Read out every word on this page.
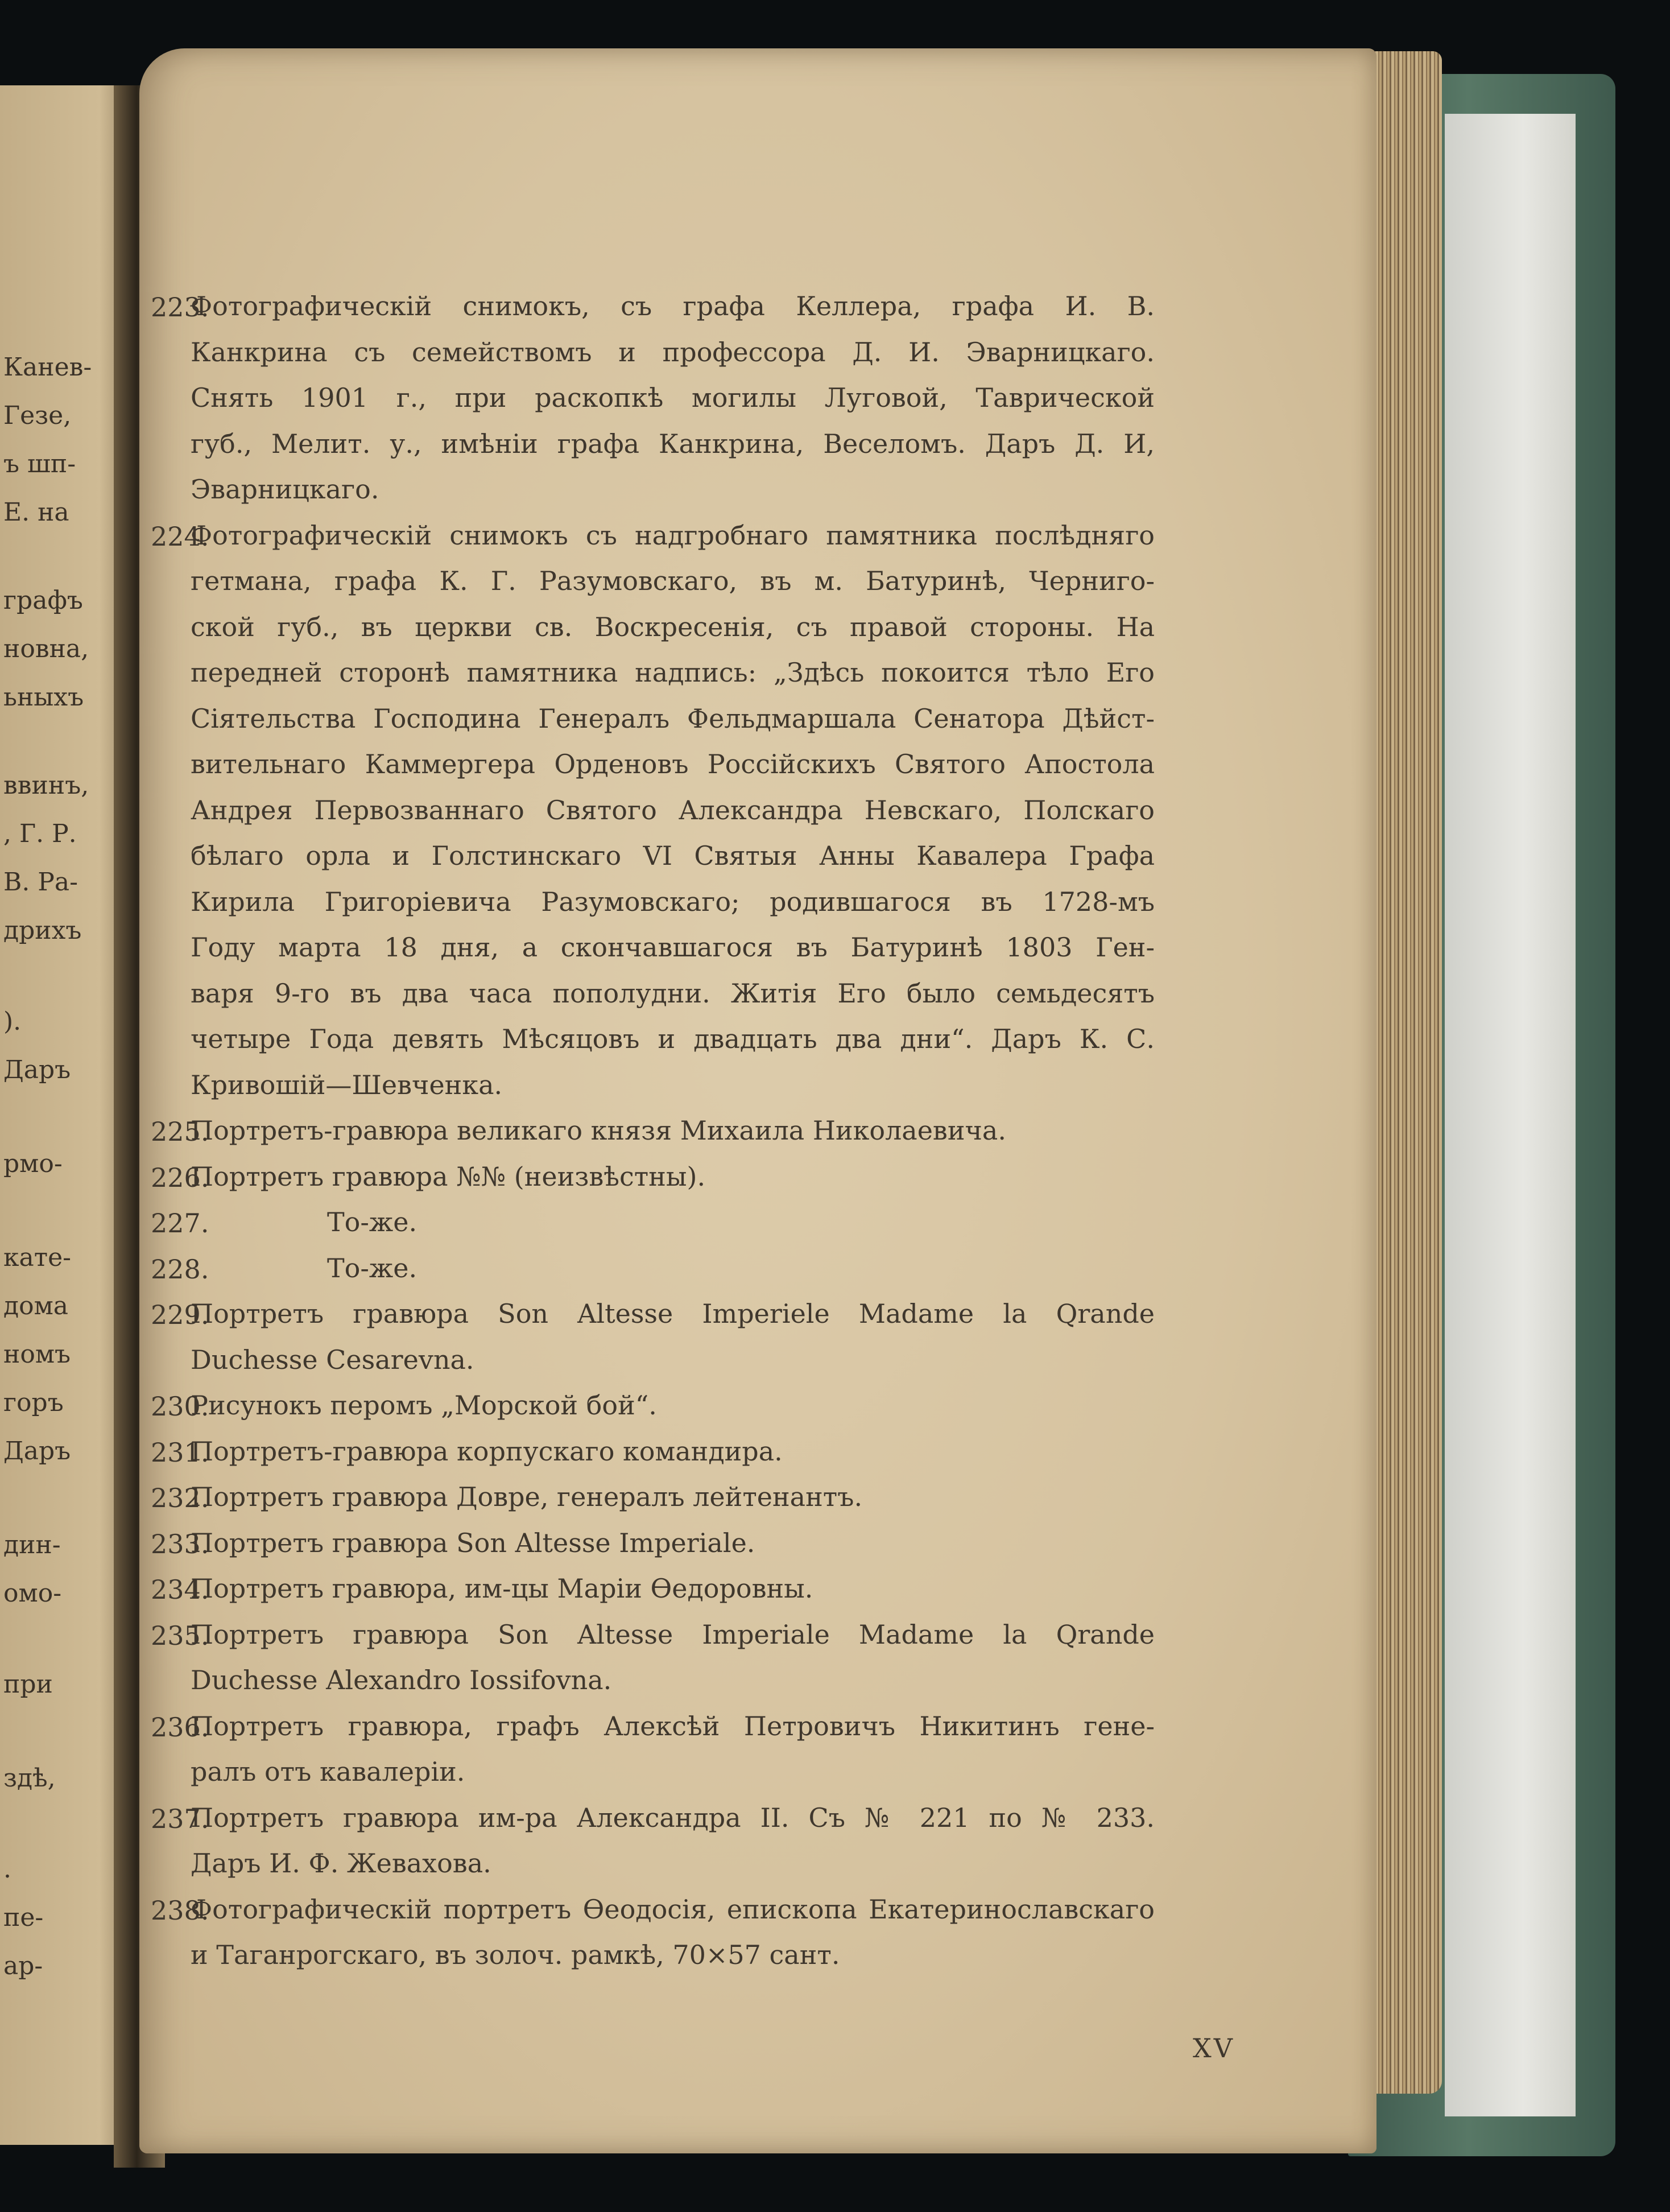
Канев-
Гезе,
ъ шп-
Е. на
графъ
новна,
ьныхъ
ввинъ,
, Г. Р.
В. Ра-
дрихъ
).
Даръ
рмо-
кате-
дома
номъ
горъ
Даръ
дин-
омо-
при
здѣ,
.
пе-
ар-
223 .
Фотографическій снимокъ, съ графа Келлера, графа И. В.
Канкрина съ семействомъ и профессора Д. И. Эварницкаго.
Снять 1901 г., при раскопкѣ могилы Луговой, Таврической
губ., Мелит. у., имѣніи графа Канкрина, Веселомъ. Даръ Д. И,
Эварницкаго.
224 .
Фотографическій снимокъ съ надгробнаго памятника послѣдняго
гетмана, графа К. Г. Разумовскаго, въ м. Батуринѣ, Черниго-
ской губ., въ церкви св. Воскресенія, съ правой стороны. На
передней сторонѣ памятника надпись: „Здѣсь покоится тѣло Его
Сіятельства Господина Генералъ Фельдмаршала Сенатора Дѣйст-
вительнаго Каммергера Орденовъ Россійскихъ Святого Апостола
Андрея Первозваннаго Святого Александра Невскаго, Полскаго
бѣлаго орла и Голстинскаго VI Святыя Анны Кавалера Графа
Кирила Григоріевича Разумовскаго; родившагося въ 1728-мъ
Году марта 18 дня, а скончавшагося въ Батуринѣ 1803 Ген-
варя 9-го въ два часа пополудни. Житія Его было семьдесятъ
четыре Года девять Мѣсяцовъ и двадцать два дни“. Даръ К. С.
Кривошій—Шевченка.
225 .
Портретъ-гравюра великаго князя Михаила Николаевича.
226 .
Портретъ гравюра №№ (неизвѣстны).
227 .	То-же.
228 .	То-же.
229 .
Портретъ гравюра Son Altesse Imperiele Madame la Qrande
Duchesse Cesarevna.
230 .
Рисунокъ перомъ „Морской бой“.
231 .
Портретъ-гравюра корпускаго командира.
232 .
Портретъ гравюра Довре, генералъ лейтенантъ.
233 .
Портретъ гравюра Son Altesse Imperiale.
234 .
Портретъ гравюра, им-цы Маріи Өедоровны.
235 .
Портретъ гравюра Son Altesse Imperiale Madame la Qrande
Duchesse Alexandro Iossifovna.
236 .
Портретъ гравюра, графъ Алексѣй Петровичъ Никитинъ гене-
ралъ отъ кавалеріи.
237 .
Портретъ гравюра им-ра Александра II. Съ № 221 по № 233.
Даръ И. Ф. Жевахова.
238 .
Фотографическій портретъ Өеодосія, епископа Екатеринославскаго
и Таганрогскаго, въ золоч. рамкѣ, 70×57 сант.
XV
